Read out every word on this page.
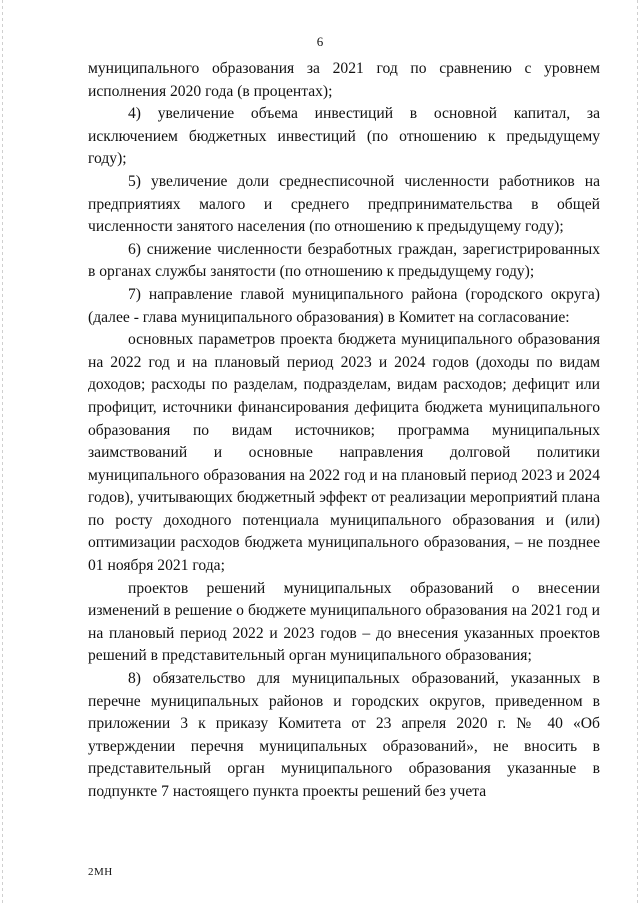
6

муниципального образования за 2021 год по сравнению с уровнем исполнения 2020 года (в процентах);

4) увеличение объема инвестиций в основной капитал, за исключением бюджетных инвестиций (по отношению к предыдущему году);

5) увеличение доли среднесписочной численности работников на предприятиях малого и среднего предпринимательства в общей численности занятого населения (по отношению к предыдущему году);

6) снижение численности безработных граждан, зарегистрированных в органах службы занятости (по отношению к предыдущему году);

7) направление главой муниципального района (городского округа) (далее - глава муниципального образования) в Комитет на согласование:

основных параметров проекта бюджета муниципального образования на 2022 год и на плановый период 2023 и 2024 годов (доходы по видам доходов; расходы по разделам, подразделам, видам расходов; дефицит или профицит, источники финансирования дефицита бюджета муниципального образования по видам источников; программа муниципальных заимствований и основные направления долговой политики муниципального образования на 2022 год и на плановый период 2023 и 2024 годов), учитывающих бюджетный эффект от реализации мероприятий плана по росту доходного потенциала муниципального образования и (или) оптимизации расходов бюджета муниципального образования, – не позднее 01 ноября 2021 года;

проектов решений муниципальных образований о внесении изменений в решение о бюджете муниципального образования на 2021 год и на плановый период 2022 и 2023 годов – до внесения указанных проектов решений в представительный орган муниципального образования;

8) обязательство для муниципальных образований, указанных в перечне муниципальных районов и городских округов, приведенном в приложении 3 к приказу Комитета от 23 апреля 2020 г. № 40 «Об утверждении перечня муниципальных образований», не вносить в представительный орган муниципального образования указанные в подпункте 7 настоящего пункта проекты решений без учета

2МН
